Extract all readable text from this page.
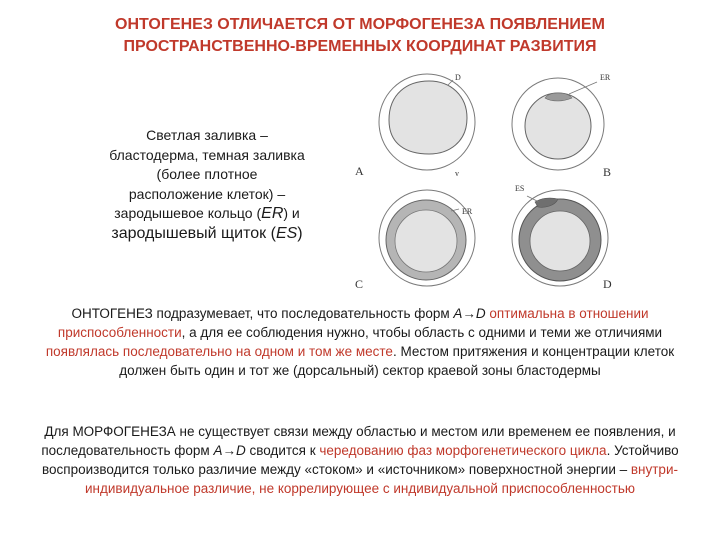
ОНТОГЕНЕЗ ОТЛИЧАЕТСЯ ОТ МОРФОГЕНЕЗА ПОЯВЛЕНИЕМ
ПРОСТРАНСТВЕННО-ВРЕМЕННЫХ КООРДИНАТ РАЗВИТИЯ
Светлая заливка –
бластодерма, темная заливка
(более плотное
расположение клеток) –
зародышевое кольцо (ER) и
зародышевый щиток (ES)
D
v
A
ER
B
ER
C
ES
D
ОНТОГЕНЕЗ подразумевает, что последовательность форм A→D оптимальна в отношении приспособленности, а для ее соблюдения нужно, чтобы область с одними и теми же отличиями появлялась последовательно на одном и том же месте. Местом притяжения и концентрации клеток должен быть один и тот же (дорсальный) сектор краевой зоны бластодермы
Для МОРФОГЕНЕЗА не существует связи между областью и местом или временем ее появления, и последовательность форм A→D сводится к чередованию фаз морфогенетического цикла. Устойчиво воспроизводится только различие между «стоком» и «источником» поверхностной энергии – внутри-индивидуальное различие, не коррелирующее с индивидуальной приспособленностью
